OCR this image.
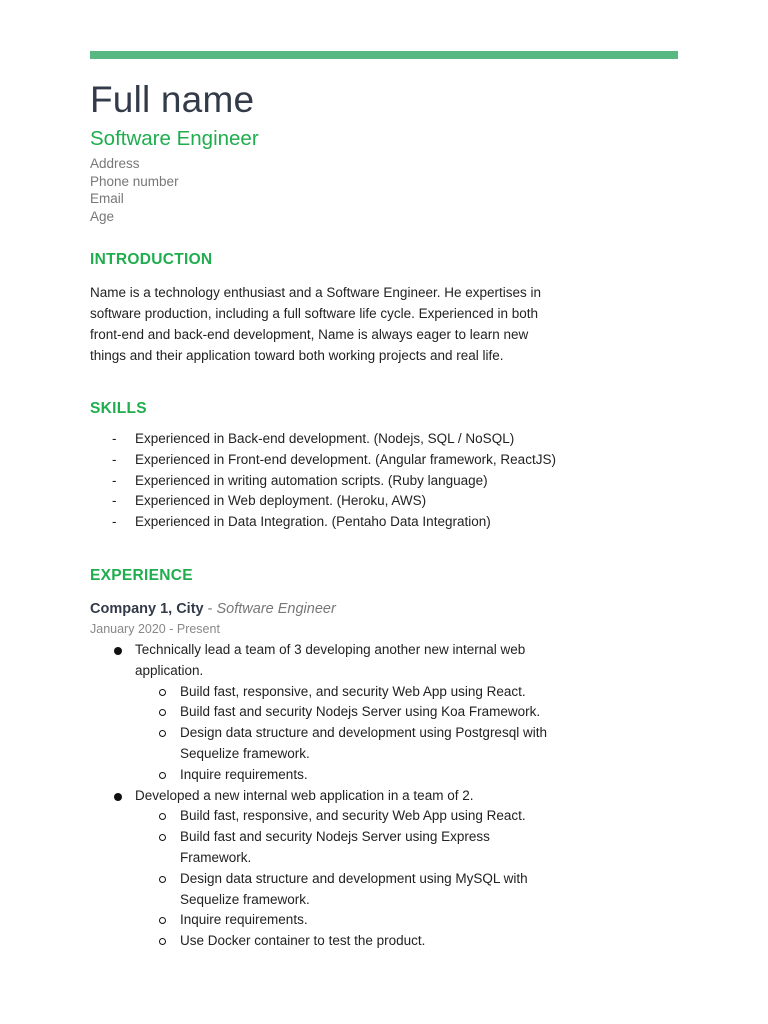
Full name
Software Engineer
Address
Phone number
Email
Age
INTRODUCTION
Name is a technology enthusiast and a Software Engineer. He expertises in software production, including a full software life cycle. Experienced in both front-end and back-end development, Name is always eager to learn new things and their application toward both working projects and real life.
SKILLS
- Experienced in Back-end development. (Nodejs, SQL / NoSQL)
- Experienced in Front-end development. (Angular framework, ReactJS)
- Experienced in writing automation scripts. (Ruby language)
- Experienced in Web deployment. (Heroku, AWS)
- Experienced in Data Integration. (Pentaho Data Integration)
EXPERIENCE
Company 1, City - Software Engineer
January 2020 - Present
Technically lead a team of 3 developing another new internal web application.
Build fast, responsive, and security Web App using React.
Build fast and security Nodejs Server using Koa Framework.
Design data structure and development using Postgresql with Sequelize framework.
Inquire requirements.
Developed a new internal web application in a team of 2.
Build fast, responsive, and security Web App using React.
Build fast and security Nodejs Server using Express Framework.
Design data structure and development using MySQL with Sequelize framework.
Inquire requirements.
Use Docker container to test the product.
